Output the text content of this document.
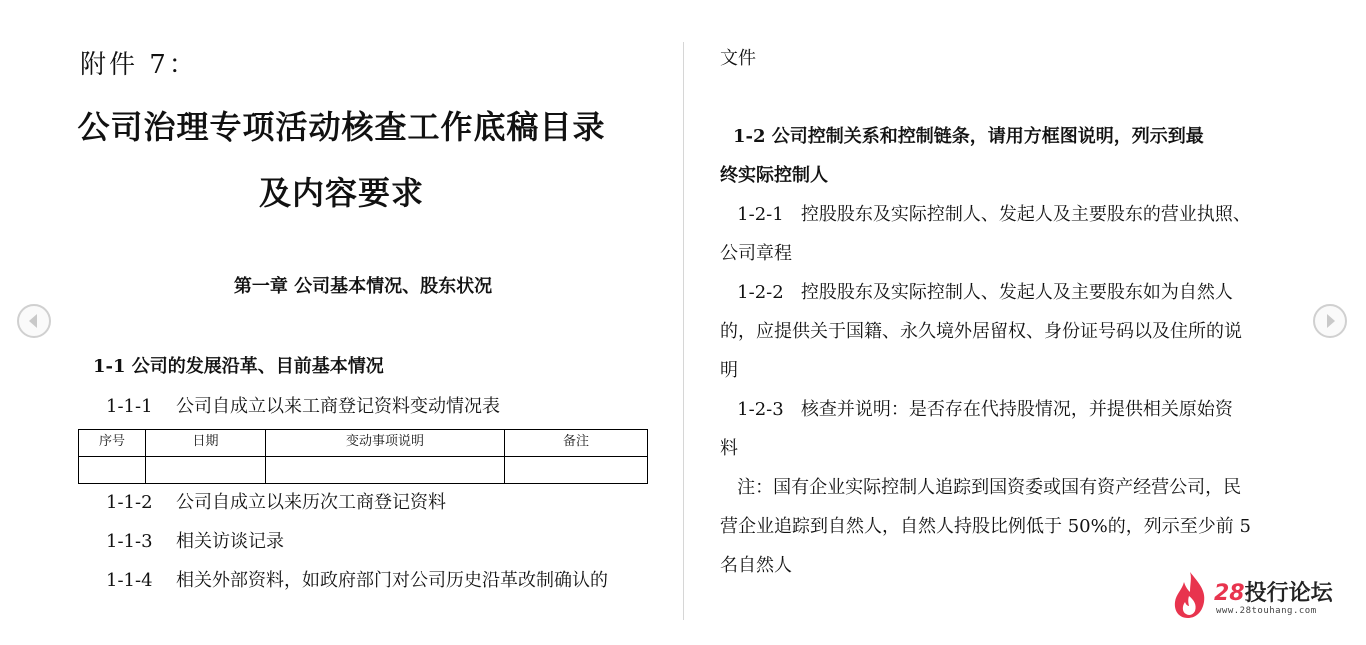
附件 7：
公司治理专项活动核查工作底稿目录
及内容要求
第一章 公司基本情况、股东状况
1-1 公司的发展沿革、目前基本情况
1-1-1 公司自成立以来工商登记资料变动情况表
序号	日期	变动事项说明	备注

1-1-2 公司自成立以来历次工商登记资料
1-1-3 相关访谈记录
1-1-4 相关外部资料，如政府部门对公司历史沿革改制确认的
文件
1-2 公司控制关系和控制链条，请用方框图说明，列示到最
终实际控制人
1-2-1   控股股东及实际控制人、发起人及主要股东的营业执照、
公司章程
1-2-2   控股股东及实际控制人、发起人及主要股东如为自然人
的，应提供关于国籍、永久境外居留权、身份证号码以及住所的说
明
1-2-3   核查并说明：是否存在代持股情况，并提供相关原始资
料
注：国有企业实际控制人追踪到国资委或国有资产经营公司，民
营企业追踪到自然人，自然人持股比例低于 50%的，列示至少前 5
名自然人
28投行论坛
www.28touhang.com
